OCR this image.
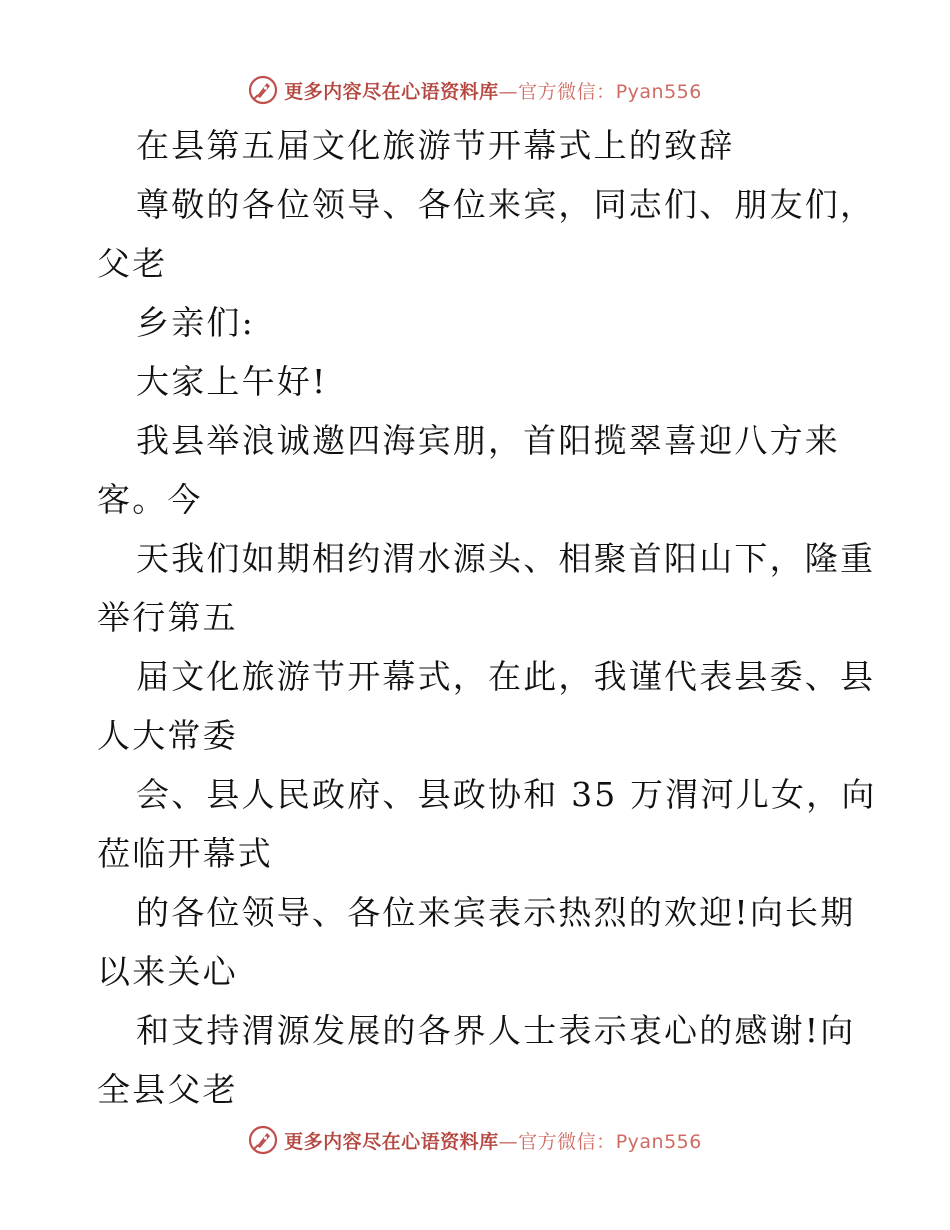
更多内容尽在心语资料库—官方微信：Pyan556
在县第五届文化旅游节开幕式上的致辞
尊敬的各位领导、各位来宾，同志们、朋友们，
父老
乡亲们:
大家上午好!
我县举浪诚邀四海宾朋，首阳揽翠喜迎八方来
客。今
天我们如期相约渭水源头、相聚首阳山下，隆重
举行第五
届文化旅游节开幕式，在此，我谨代表县委、县
人大常委
会、县人民政府、县政协和 35 万渭河儿女，向
莅临开幕式
的各位领导、各位来宾表示热烈的欢迎!向长期
以来关心
和支持渭源发展的各界人士表示衷心的感谢!向
全县父老
更多内容尽在心语资料库—官方微信：Pyan556
